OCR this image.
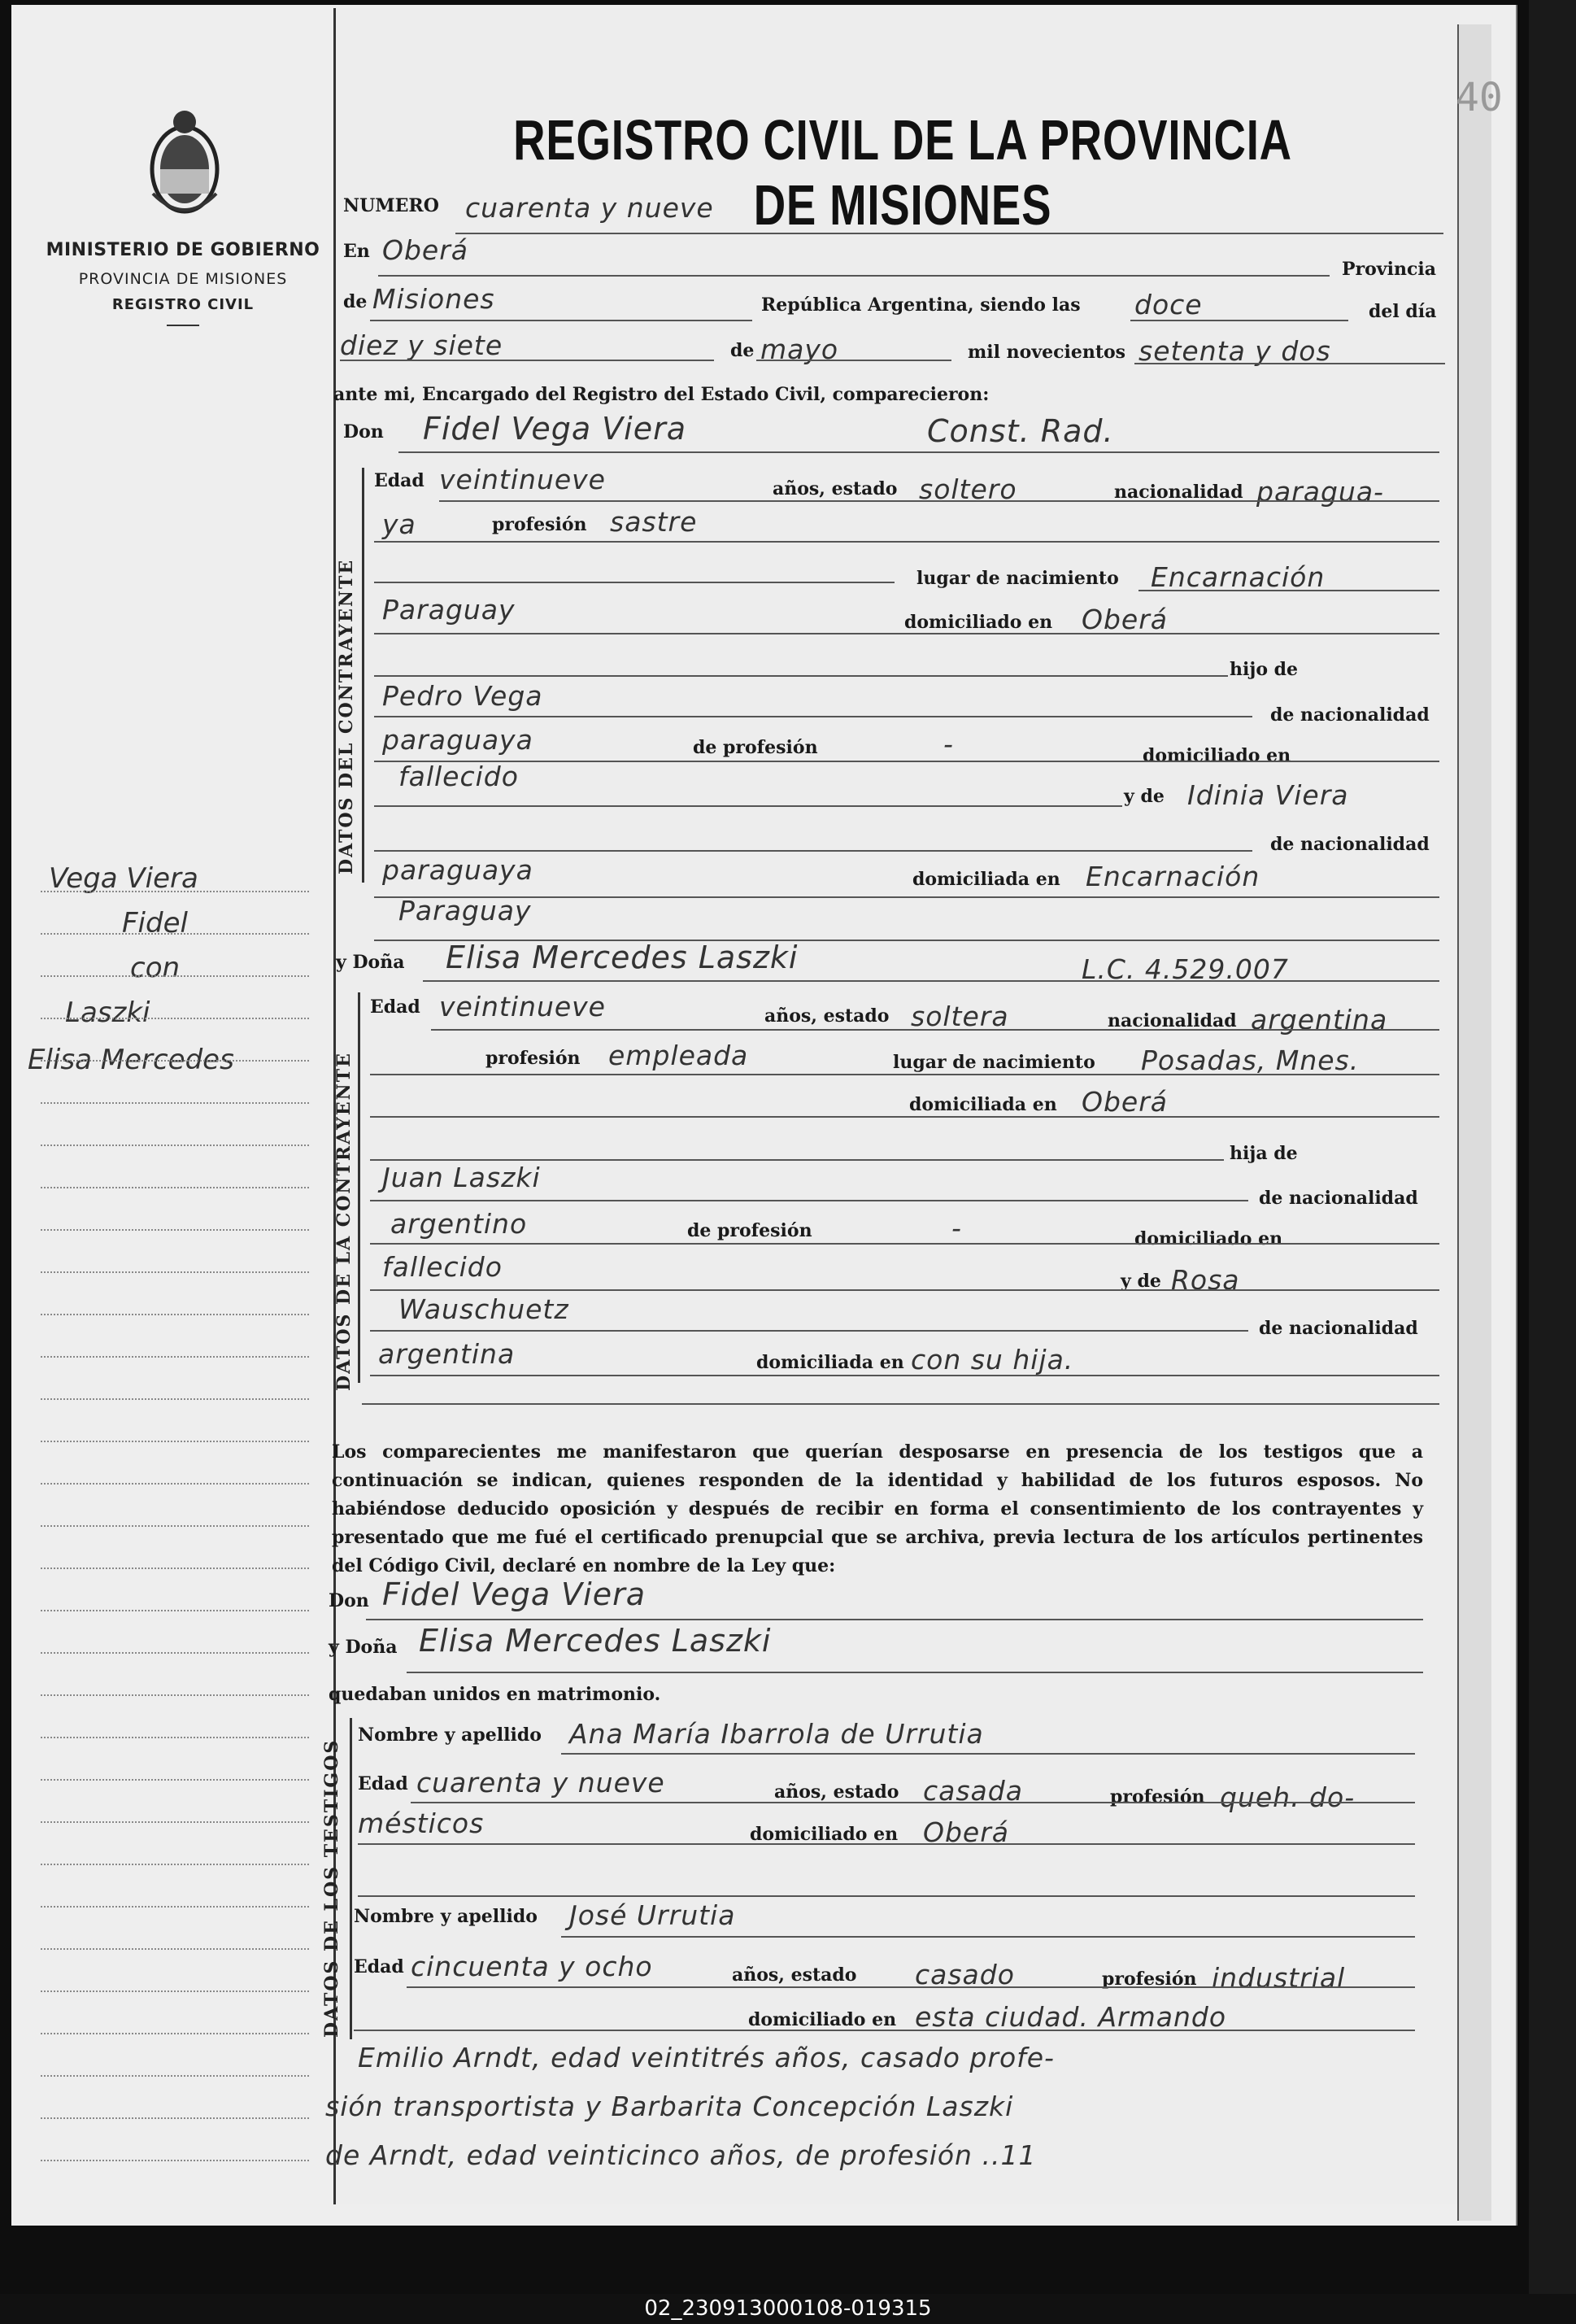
40
MINISTERIO DE GOBIERNO
PROVINCIA DE MISIONES
REGISTRO CIVIL
REGISTRO CIVIL DE LA PROVINCIA DE MISIONES
Vega Viera
Fidel
con
Laszki
Elisa Mercedes
NUMERO cuarenta y nueve
En Oberá
Provincia
de Misiones	República Argentina, siendo las doce	del día
diez y siete	de mayo	mil novecientos setenta y dos
ante mi, Encargado del Registro del Estado Civil, comparecieron:
Don Fidel Vega Viera	Const. Rad.
DATOS DEL CONTRAYENTE
Edad veintinueve	años, estado soltero	nacionalidad paragua-
ya	profesión sastre
lugar de nacimiento Encarnación
Paraguay	domiciliado en Oberá
hijo de
Pedro Vega
de nacionalidad
paraguaya	de profesión	-	domiciliado en
fallecido
y de Idinia Viera
de nacionalidad
paraguaya	domiciliada en Encarnación
Paraguay
y Doña Elisa Mercedes Laszki	L.C. 4.529.007
DATOS DE LA CONTRAYENTE
Edad veintinueve	años, estado soltera	nacionalidad argentina
profesión empleada	lugar de nacimiento Posadas, Mnes.
domiciliada en Oberá
hija de
Juan Laszki
de nacionalidad
argentino	de profesión	-	domiciliado en
fallecido	y de Rosa
Wauschuetz
de nacionalidad
argentina	domiciliada en con su hija.
Los comparecientes me manifestaron que querían desposarse en presencia de los testigos que a continuación se indican, quienes responden de la identidad y habilidad de los futuros esposos. No habiéndose deducido oposición y después de recibir en forma el consentimiento de los contrayentes y presentado que me fué el certificado prenupcial que se archiva, previa lectura de los artículos pertinentes del Código Civil, declaré en nombre de la Ley que:
Don Fidel Vega Viera
y Doña Elisa Mercedes Laszki
quedaban unidos en matrimonio.
DATOS DE LOS TESTIGOS
Nombre y apellido Ana María Ibarrola de Urrutia
Edad cuarenta y nueve	años, estado casada	profesión queh. do-
mésticos	domiciliado en Oberá
Nombre y apellido José Urrutia
Edad cincuenta y ocho	años, estado casado	profesión industrial
domiciliado en esta ciudad. Armando
Emilio Arndt, edad veintitrés años, casado profe-
sión transportista y Barbarita Concepción Laszki
de Arndt, edad veinticinco años, de profesión ..11
02_230913000108-019315
